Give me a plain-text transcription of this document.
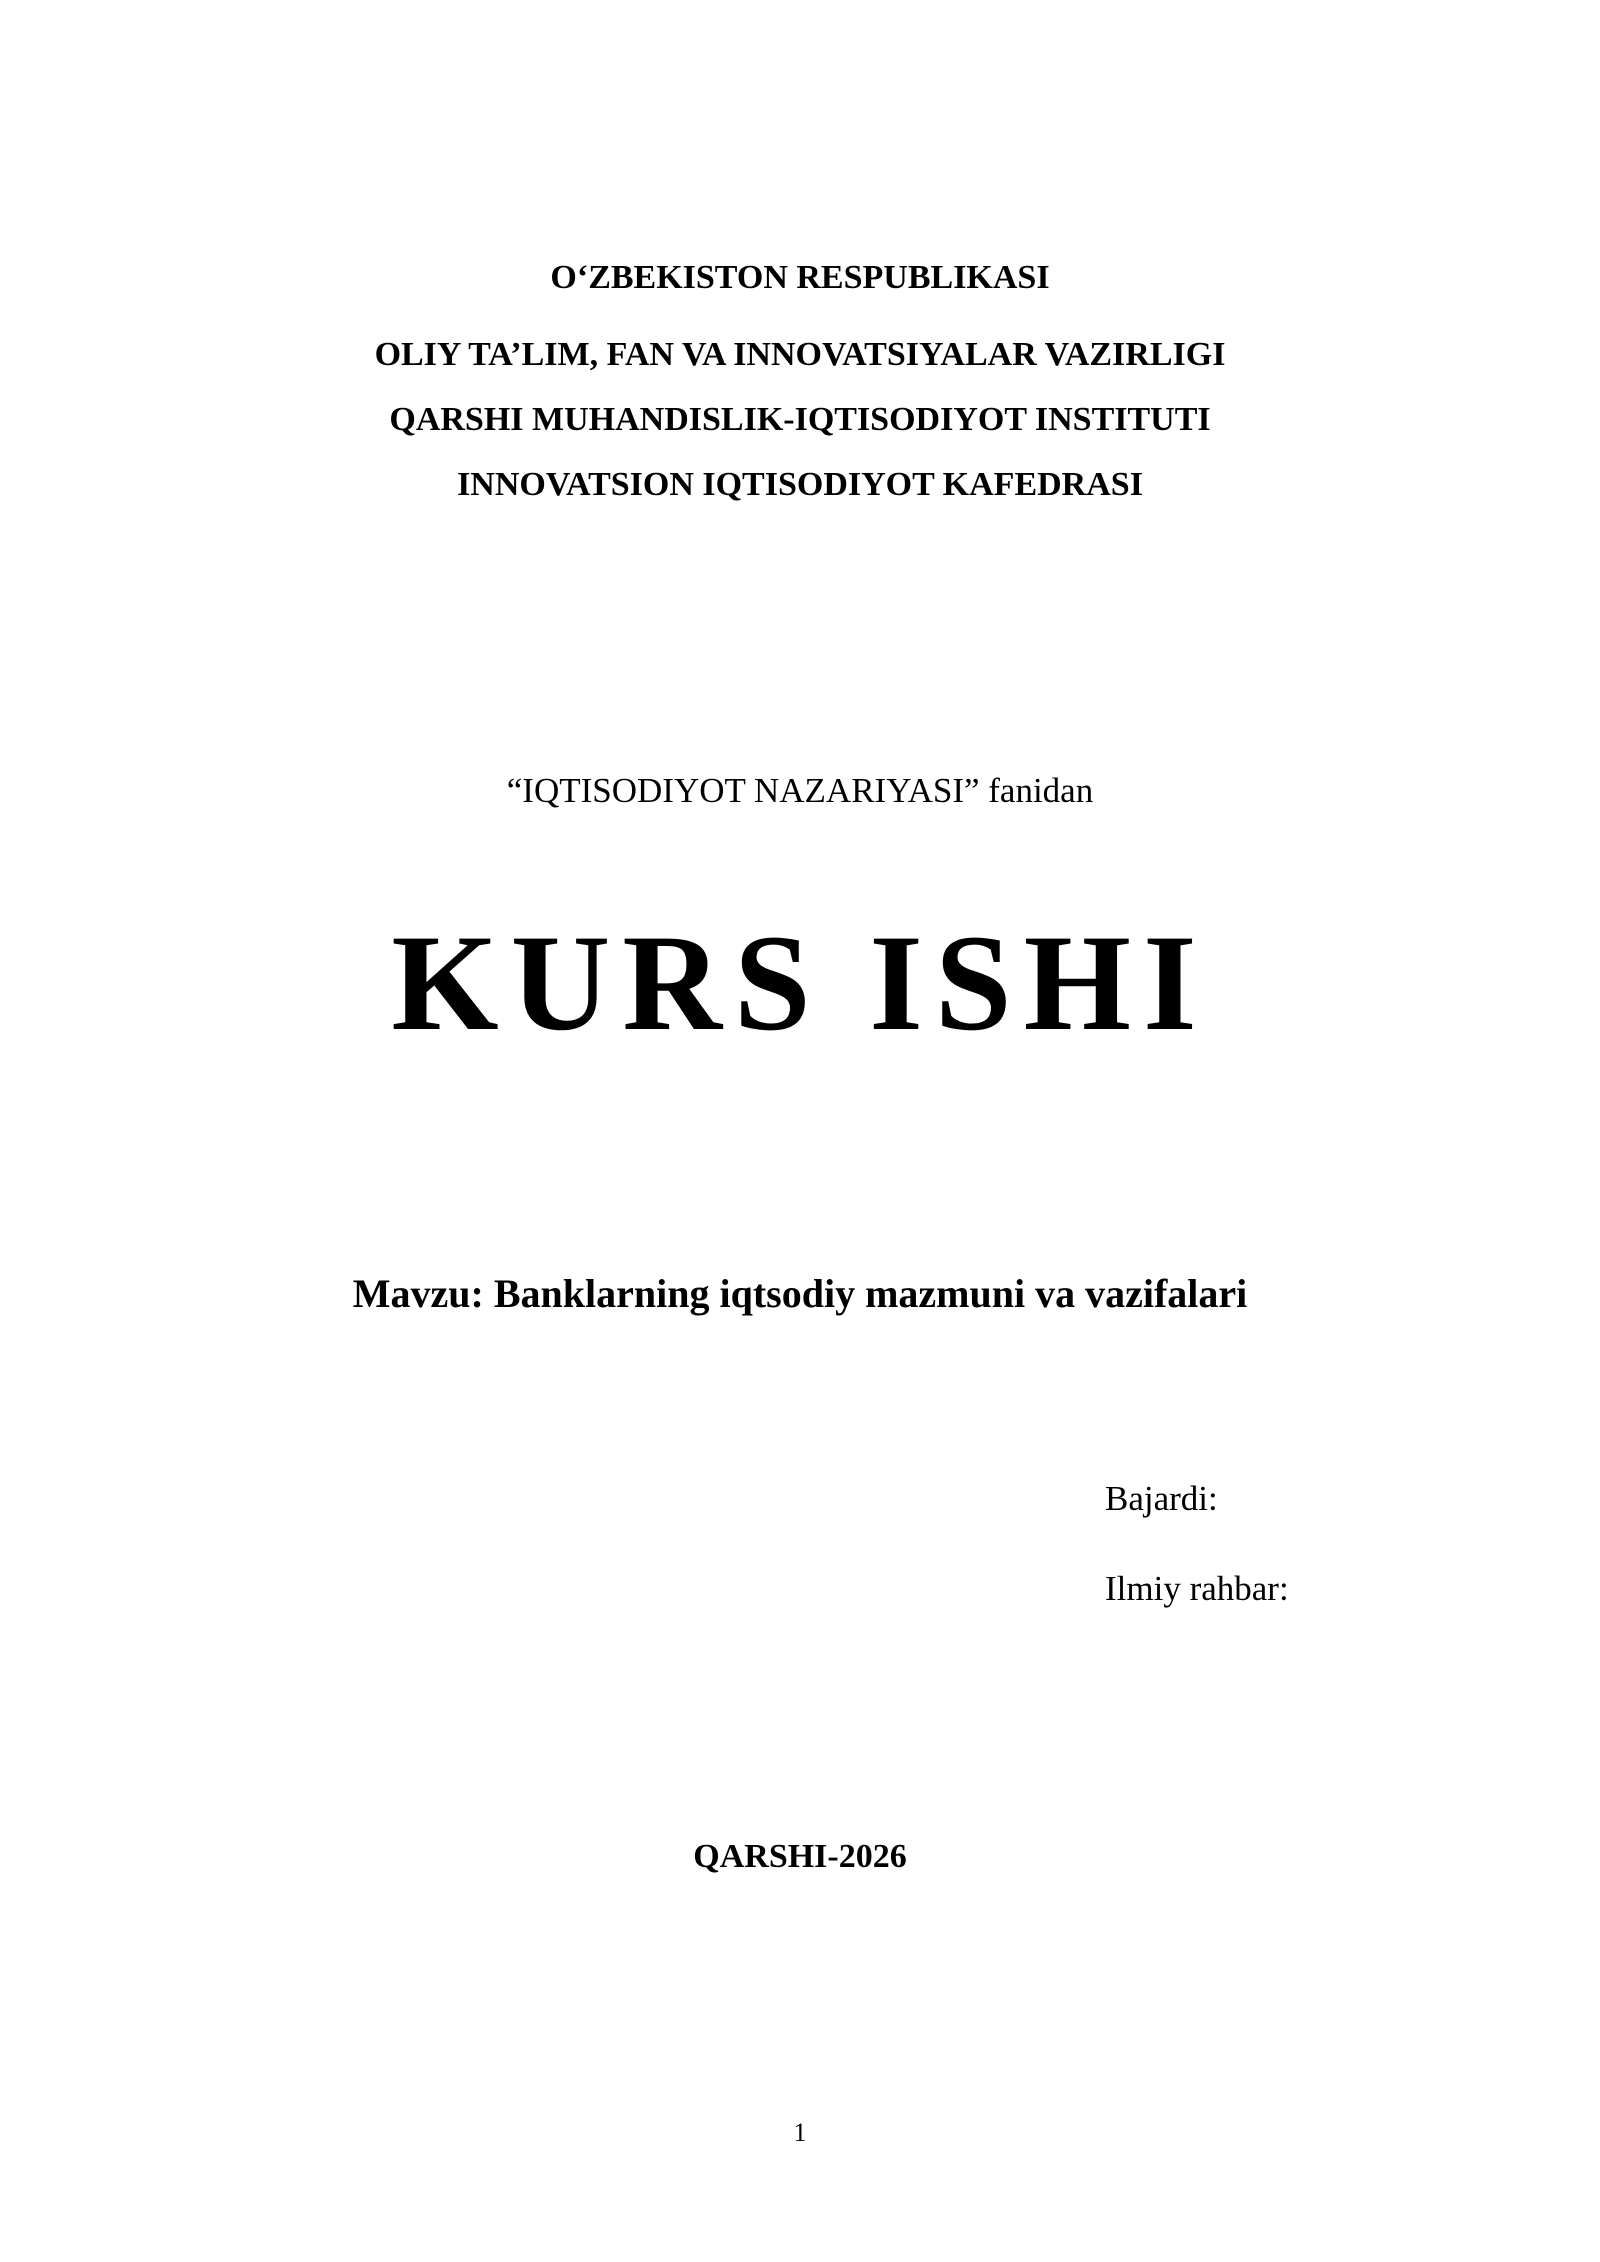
O‘ZBEKISTON RESPUBLIKASI
OLIY TA’LIM, FAN VA INNOVATSIYALAR VAZIRLIGI
QARSHI MUHANDISLIK-IQTISODIYOT INSTITUTI
INNOVATSION IQTISODIYOT KAFEDRASI
“IQTISODIYOT NAZARIYASI” fanidan
KURS ISHI
Mavzu: Banklarning iqtsodiy mazmuni va vazifalari
Bajardi:
Ilmiy rahbar:
QARSHI-2026
1
